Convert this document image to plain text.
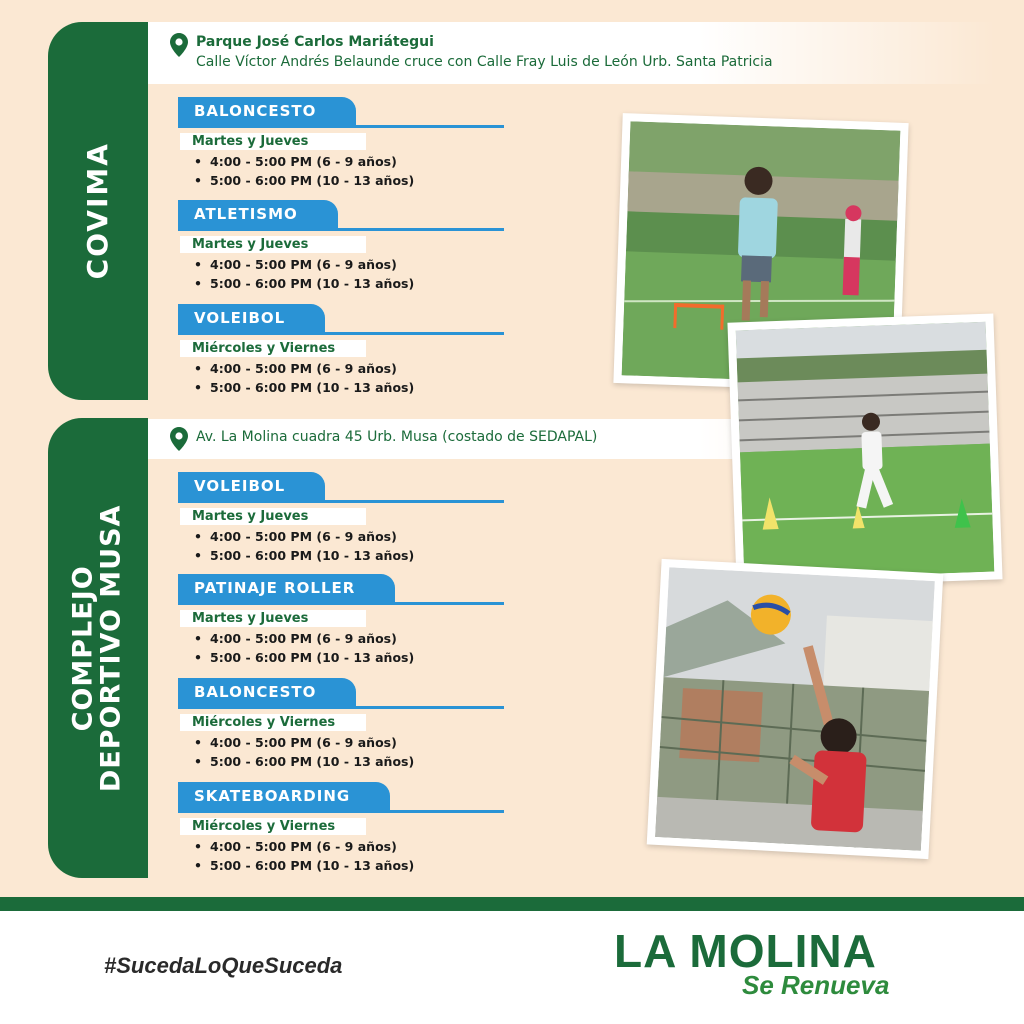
COVIMA
Parque José Carlos Mariátegui
Calle Víctor Andrés Belaunde cruce con Calle Fray Luis de León Urb. Santa Patricia
BALONCESTO
Martes y Jueves
• 4:00 - 5:00 PM (6 - 9 años)
• 5:00 - 6:00 PM (10 - 13 años)
ATLETISMO
Martes y Jueves
• 4:00 - 5:00 PM (6 - 9 años)
• 5:00 - 6:00 PM (10 - 13 años)
VOLEIBOL
Miércoles y Viernes
• 4:00 - 5:00 PM (6 - 9 años)
• 5:00 - 6:00 PM (10 - 13 años)
COMPLEJO
DEPORTIVO MUSA
Av. La Molina cuadra 45 Urb. Musa (costado de SEDAPAL)
VOLEIBOL
Martes y Jueves
• 4:00 - 5:00 PM (6 - 9 años)
• 5:00 - 6:00 PM (10 - 13 años)
PATINAJE ROLLER
Martes y Jueves
• 4:00 - 5:00 PM (6 - 9 años)
• 5:00 - 6:00 PM (10 - 13 años)
BALONCESTO
Miércoles y Viernes
• 4:00 - 5:00 PM (6 - 9 años)
• 5:00 - 6:00 PM (10 - 13 años)
SKATEBOARDING
Miércoles y Viernes
• 4:00 - 5:00 PM (6 - 9 años)
• 5:00 - 6:00 PM (10 - 13 años)
#SucedaLoQueSuceda	LA MOLINA
Se Renueva
